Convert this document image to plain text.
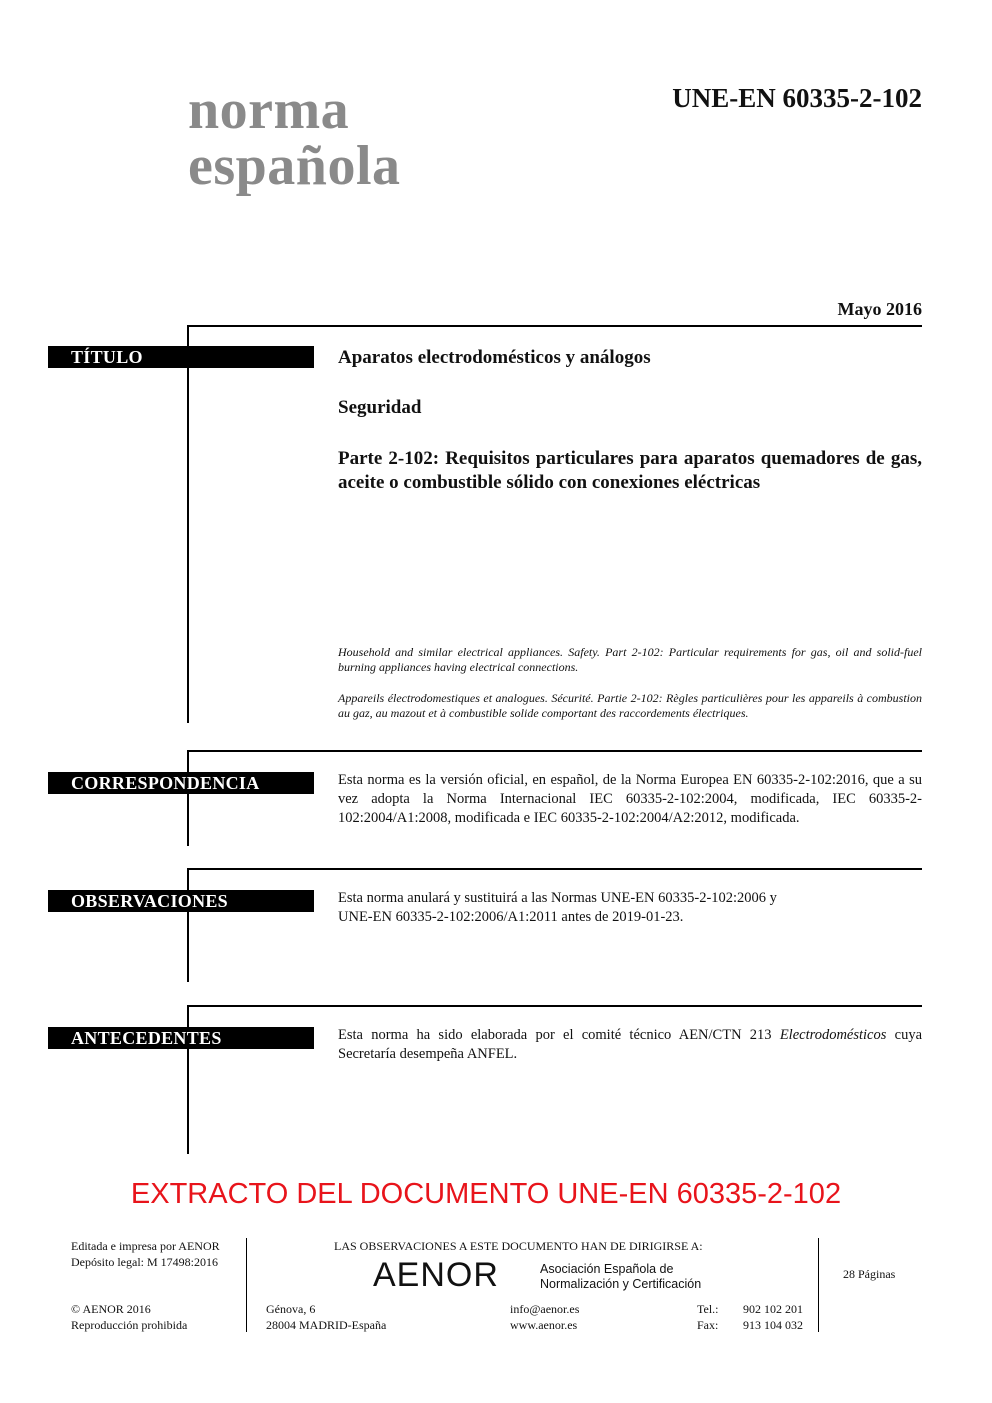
norma
española
UNE-EN 60335-2-102
Mayo 2016
TÍTULO	Aparatos electrodomésticos y análogos
Seguridad
Parte 2-102: Requisitos particulares para aparatos quemadores de gas, aceite o combustible sólido con conexiones eléctricas
Household and similar electrical appliances. Safety. Part 2-102: Particular requirements for gas, oil and solid-fuel burning appliances having electrical connections.
Appareils électrodomestiques et analogues. Sécurité. Partie 2-102: Règles particulières pour les appareils à combustion au gaz, au mazout et à combustible solide comportant des raccordements électriques.
CORRESPONDENCIA	Esta norma es la versión oficial, en español, de la Norma Europea EN 60335-2-102:2016, que a su vez adopta la Norma Internacional IEC 60335-2-102:2004, modificada, IEC 60335-2-102:2004/A1:2008, modificada e IEC 60335-2-102:2004/A2:2012, modificada.
OBSERVACIONES	Esta norma anulará y sustituirá a las Normas UNE-EN 60335-2-102:2006 y
UNE-EN 60335-2-102:2006/A1:2011 antes de 2019-01-23.
ANTECEDENTES	Esta norma ha sido elaborada por el comité técnico AEN/CTN 213 Electrodomésticos cuya Secretaría desempeña ANFEL.
EXTRACTO DEL DOCUMENTO UNE-EN 60335-2-102
Editada e impresa por AENOR
Depósito legal: M 17498:2016
© AENOR 2016
Reproducción prohibida
LAS OBSERVACIONES A ESTE DOCUMENTO HAN DE DIRIGIRSE A:
AENOR	Asociación Española de
Normalización y Certificación
Génova, 6
28004 MADRID-España
info@aenor.es
www.aenor.es
Tel.: 902 102 201
Fax: 913 104 032
28 Páginas
